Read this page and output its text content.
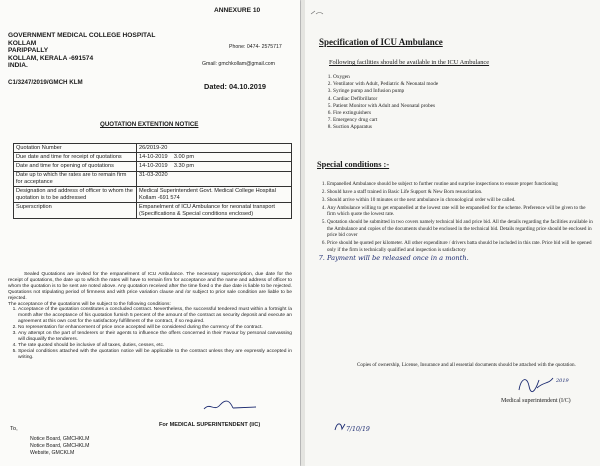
ANNEXURE 10
GOVERNMENT MEDICAL COLLEGE HOSPITAL
KOLLAM
PARIPPALLY
KOLLAM, KERALA -691574
INDIA.
Phone: 0474- 2575717
Gmail: gmchkollam@gmail.com
C1/3247/2019/GMCH KLM	Dated: 04.10.2019
QUOTATION EXTENTION NOTICE
Quotation Number	26/2019-20
Due date and time for receipt of quotations	14-10-2019    3.00 pm
Date and time for opening of quotations	14-10-2019    3.30 pm
Date up to which the rates are to remain firm for acceptance	31-03-2020
Designation and address of officer to whom the quotation is to be addressed	Medical Superintendent Govt. Medical College Hospital Kollam -691 574
Superscription	Empanelment of ICU Ambulance for neonatal transport (Specifications & Special conditions enclosed)

Sealed Quotations are invited for the empanelment of ICU Ambulance. The necessary superscription, due date for the receipt of quotations, the date up to which the rates will have to remain firm for acceptance and the name and address of officer to whom the quotation is to be sent are noted above. Any quotation received after the time fixed o the due date is liable to be rejected. Quotations not stipulating period of firmness and with price variation clause and /or subject to prior sale condition are liable to be rejected.

The acceptance of the quotations will be subject to the following conditions:

1. Acceptance of the quotation constitutes a concluded contract. Nevertheless, the successful tendered must within a fortnight /a month after the acceptance of his quotation furnish 5 percent of the amount of the contract as security deposit and execute an agreement at this own cost for the satisfactory fulfillment of the contract, if so required.
2. No representation for enhancement of price once accepted will be considered during the currency of the contract.
3. Any attempt on the part of tenderers or their agents to influence the offers concerned in their Favour by personal canvassing will disqualify the tenderers.
4. The rate quoted should be inclusive of all taxes, duties, cesses, etc.
5. Special conditions attached with the quotation notice will be applicable to the contract unless they are expressly accepted in writing.
For MEDICAL SUPERINTENDENT (I/C)
To,
Notice Board, GMCHKLM
Notice Board, GMCHKLM
Website, GMCKLM
Specification of ICU Ambulance
Following facilities should be available in the ICU Ambulance
1. Oxygen
2. Ventilator with Adult, Pediatric & Neonatal mode
3. Syringe pump and Infusion pump
4. Cardiac Defibrillator
5. Patient Monitor with Adult and Neonatal probes
6. Fire extinguishers
7. Emergency drug cart
8. Suction Apparatus
Special conditions :-
1. Empanelled Ambulance should be subject to further routine and surprise inspections to ensure proper functioning
2. Should have a staff trained in Basic Life Support & New Born resuscitation.
3. Should arrive within 10 minutes or the next ambulance in chronological order will be called.
4. Any Ambulance willing to get empanelled at the lowest rate will be empanelled for the scheme. Preference will be given to the firm which quote the lowest rate.
5. Quotation should be submitted in two covers namely technical bid and price bid. All the details regarding the facilities available in the Ambulance and copies of the documents should be enclosed in the technical bid. Details regarding price should be enclosed in price bid cover
6. Price should be quoted per kilometer. All other expenditure / drivers batta should be included in this rate. Price bid will be opened only if the firm is technically qualified and inspection is satisfactory
7. Payment will be released once in a month.
Copies of ownership, License, Insurance and all essential documents should be attached with the quotation.
2019
Medical superintendent (I/C)
7/10/19
